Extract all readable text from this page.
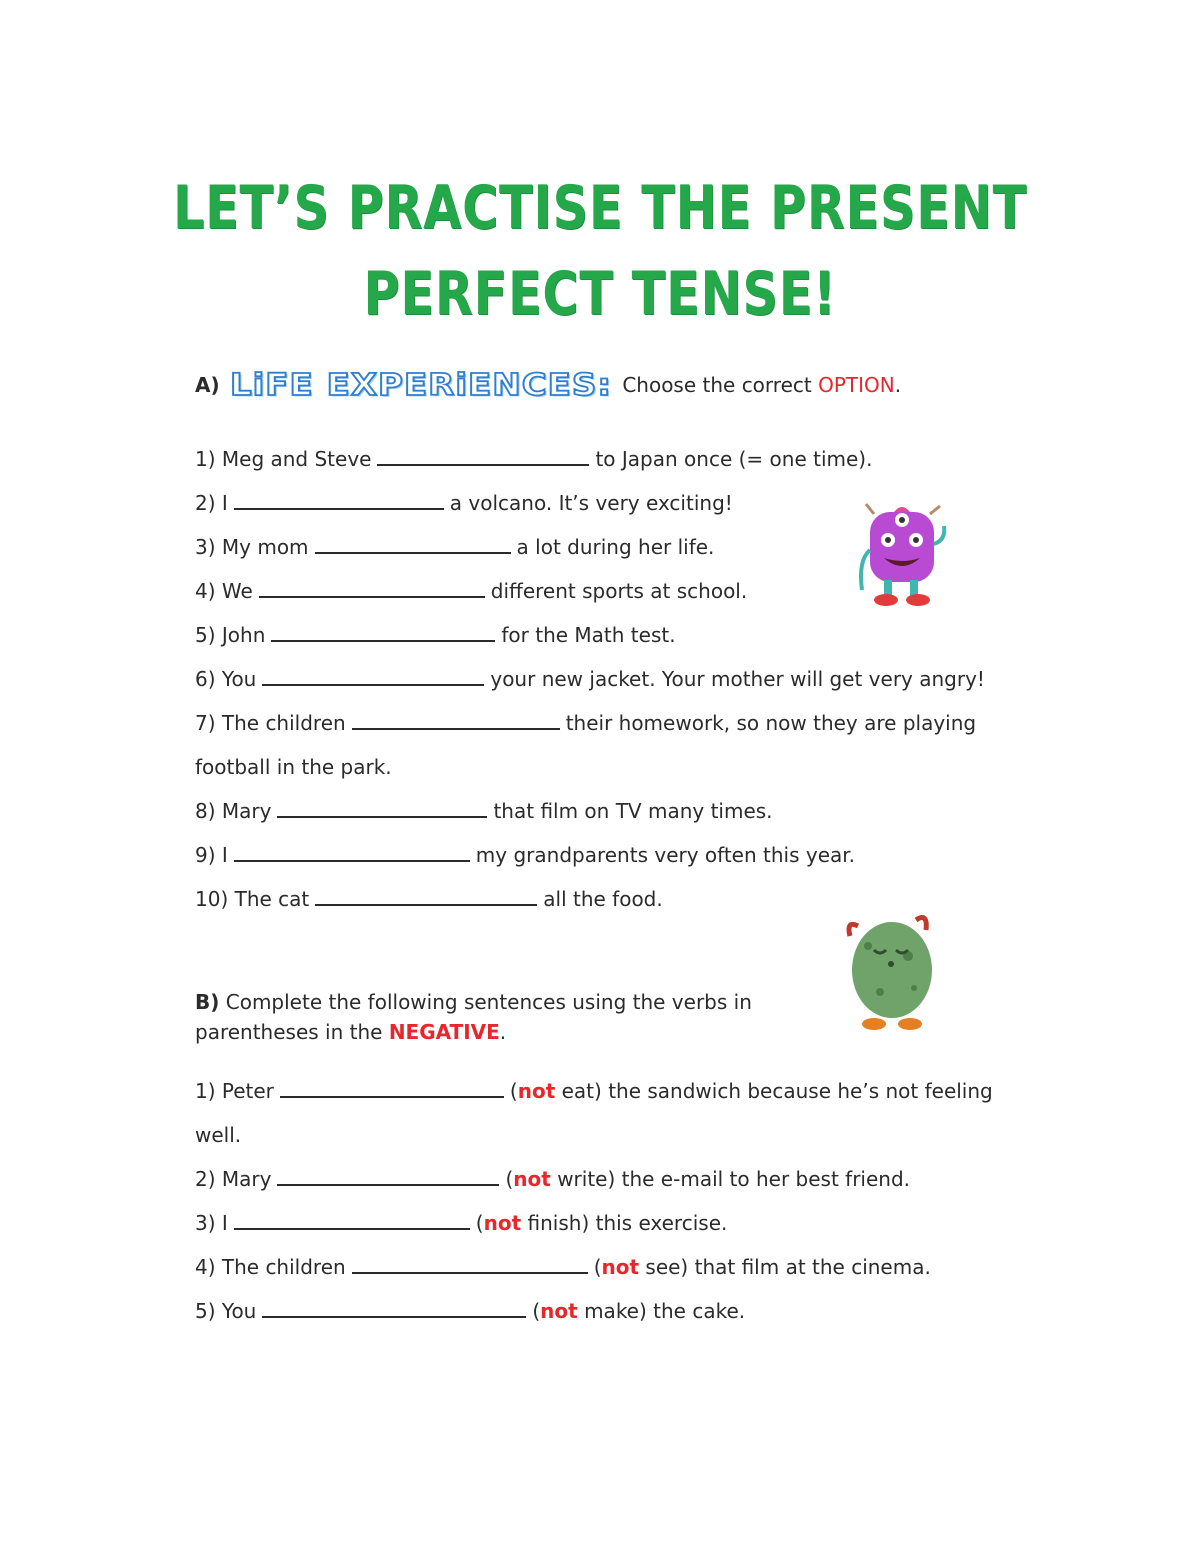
LET’S PRACTISE THE PRESENT
PERFECT TENSE!
A) LiFE EXPERiENCES: Choose the correct OPTION.
1) Meg and Steve	to Japan once (= one time).
2) I	a volcano. It’s very exciting!
3) My mom	a lot during her life.
4) We	different sports at school.
5) John	for the Math test.
6) You	your new jacket. Your mother will get very angry!
7) The children	their homework, so now they are playing
football in the park.
8) Mary	that film on TV many times.
9) I	my grandparents very often this year.
10) The cat	all the food.
B) Complete the following sentences using the verbs in
parentheses in the NEGATIVE.
1) Peter	(not eat) the sandwich because he’s not feeling
well.
2) Mary	(not write) the e-mail to her best friend.
3) I	(not finish) this exercise.
4) The children	(not see) that film at the cinema.
5) You	(not make) the cake.
